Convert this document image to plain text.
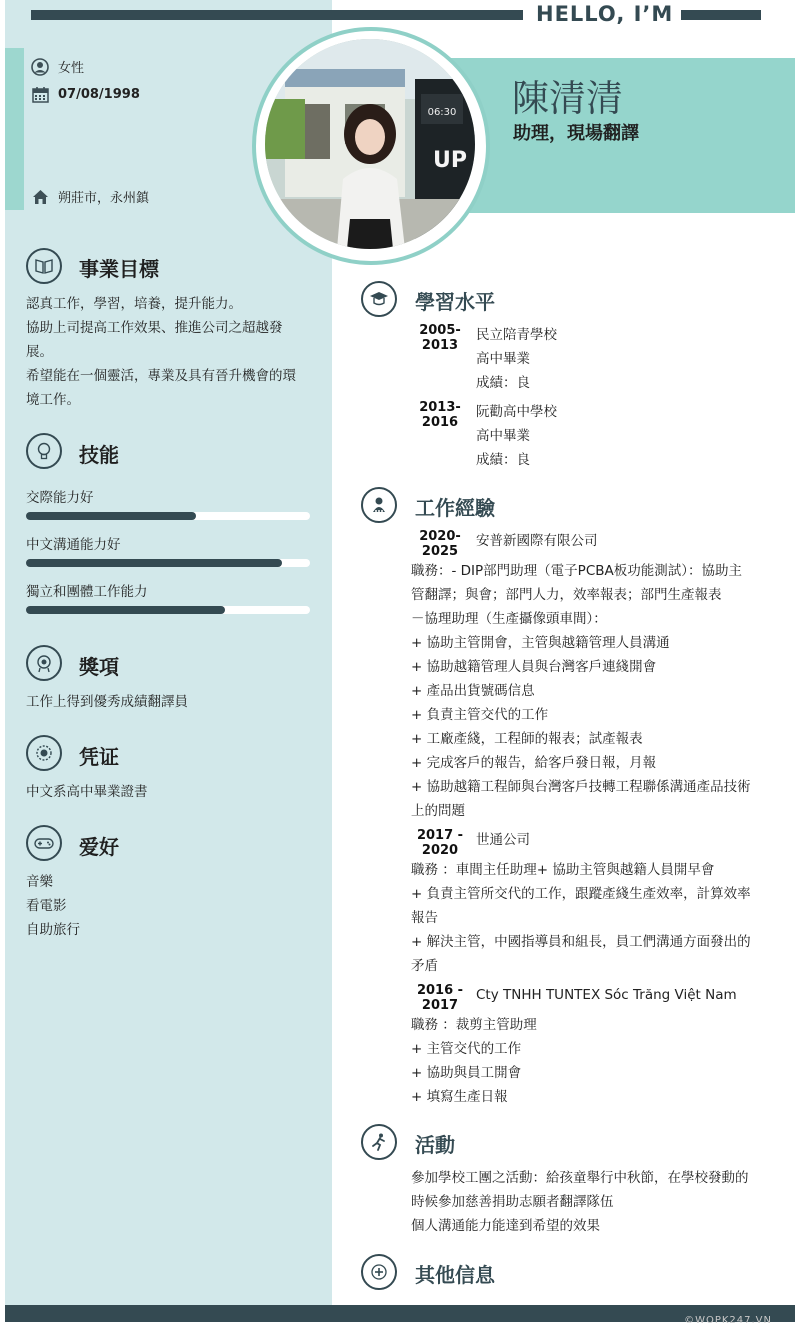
HELLO, I’M
06:30
UP
陳清清
助理，現場翻譯
女性
07/08/1998
朔莊市，永州鎮
事業目標
認真工作，學習，培養，提升能力。
協助上司提高工作效果、推進公司之超越發
展。
希望能在一個靈活，專業及具有晉升機會的環
境工作。
技能
交際能力好
中文溝通能力好
獨立和團體工作能力
獎項
工作上得到優秀成績翻譯員
凭证
中文系高中畢業證書
爱好
音樂
看電影
自助旅行
學習水平
2005-
2013
民立陪青學校
高中畢業
成績：良
2013-
2016
阮勸高中學校
高中畢業
成績：良
工作經驗
2020-
2025
安普新國際有限公司
職務：- DIP部門助理（電子PCBA板功能測試）：協助主
管翻譯；與會；部門人力，效率報表；部門生產報表
－協理助理（生產攝像頭車間）：
+ 協助主管開會，主管與越籍管理人員溝通
+ 協助越籍管理人員與台灣客戶連綫開會
+ 產品出貨號碼信息
+ 負責主管交代的工作
+ 工廠產綫，工程師的報表；試產報表
+ 完成客戶的報告，給客戶發日報，月報
+ 協助越籍工程師與台灣客戶技轉工程聯係溝通產品技術
上的問題
2017 -
2020
世通公司
職務 ：車間主任助理+ 協助主管與越籍人員開早會
+ 負責主管所交代的工作，跟蹤產綫生產效率，計算效率
報告
+ 解決主管，中國指導員和組長，員工們溝通方面發出的
矛盾
2016 -
2017
Cty TNHH TUNTEX Sóc Trăng Việt Nam
職務 ：裁剪主管助理
+ 主管交代的工作
+ 協助與員工開會
+ 填寫生產日報
活動
參加學校工團之活動：給孩童舉行中秋節，在學校發動的
時候參加慈善捐助志願者翻譯隊伍
個人溝通能力能達到希望的效果
其他信息
©WOPK247.VN
